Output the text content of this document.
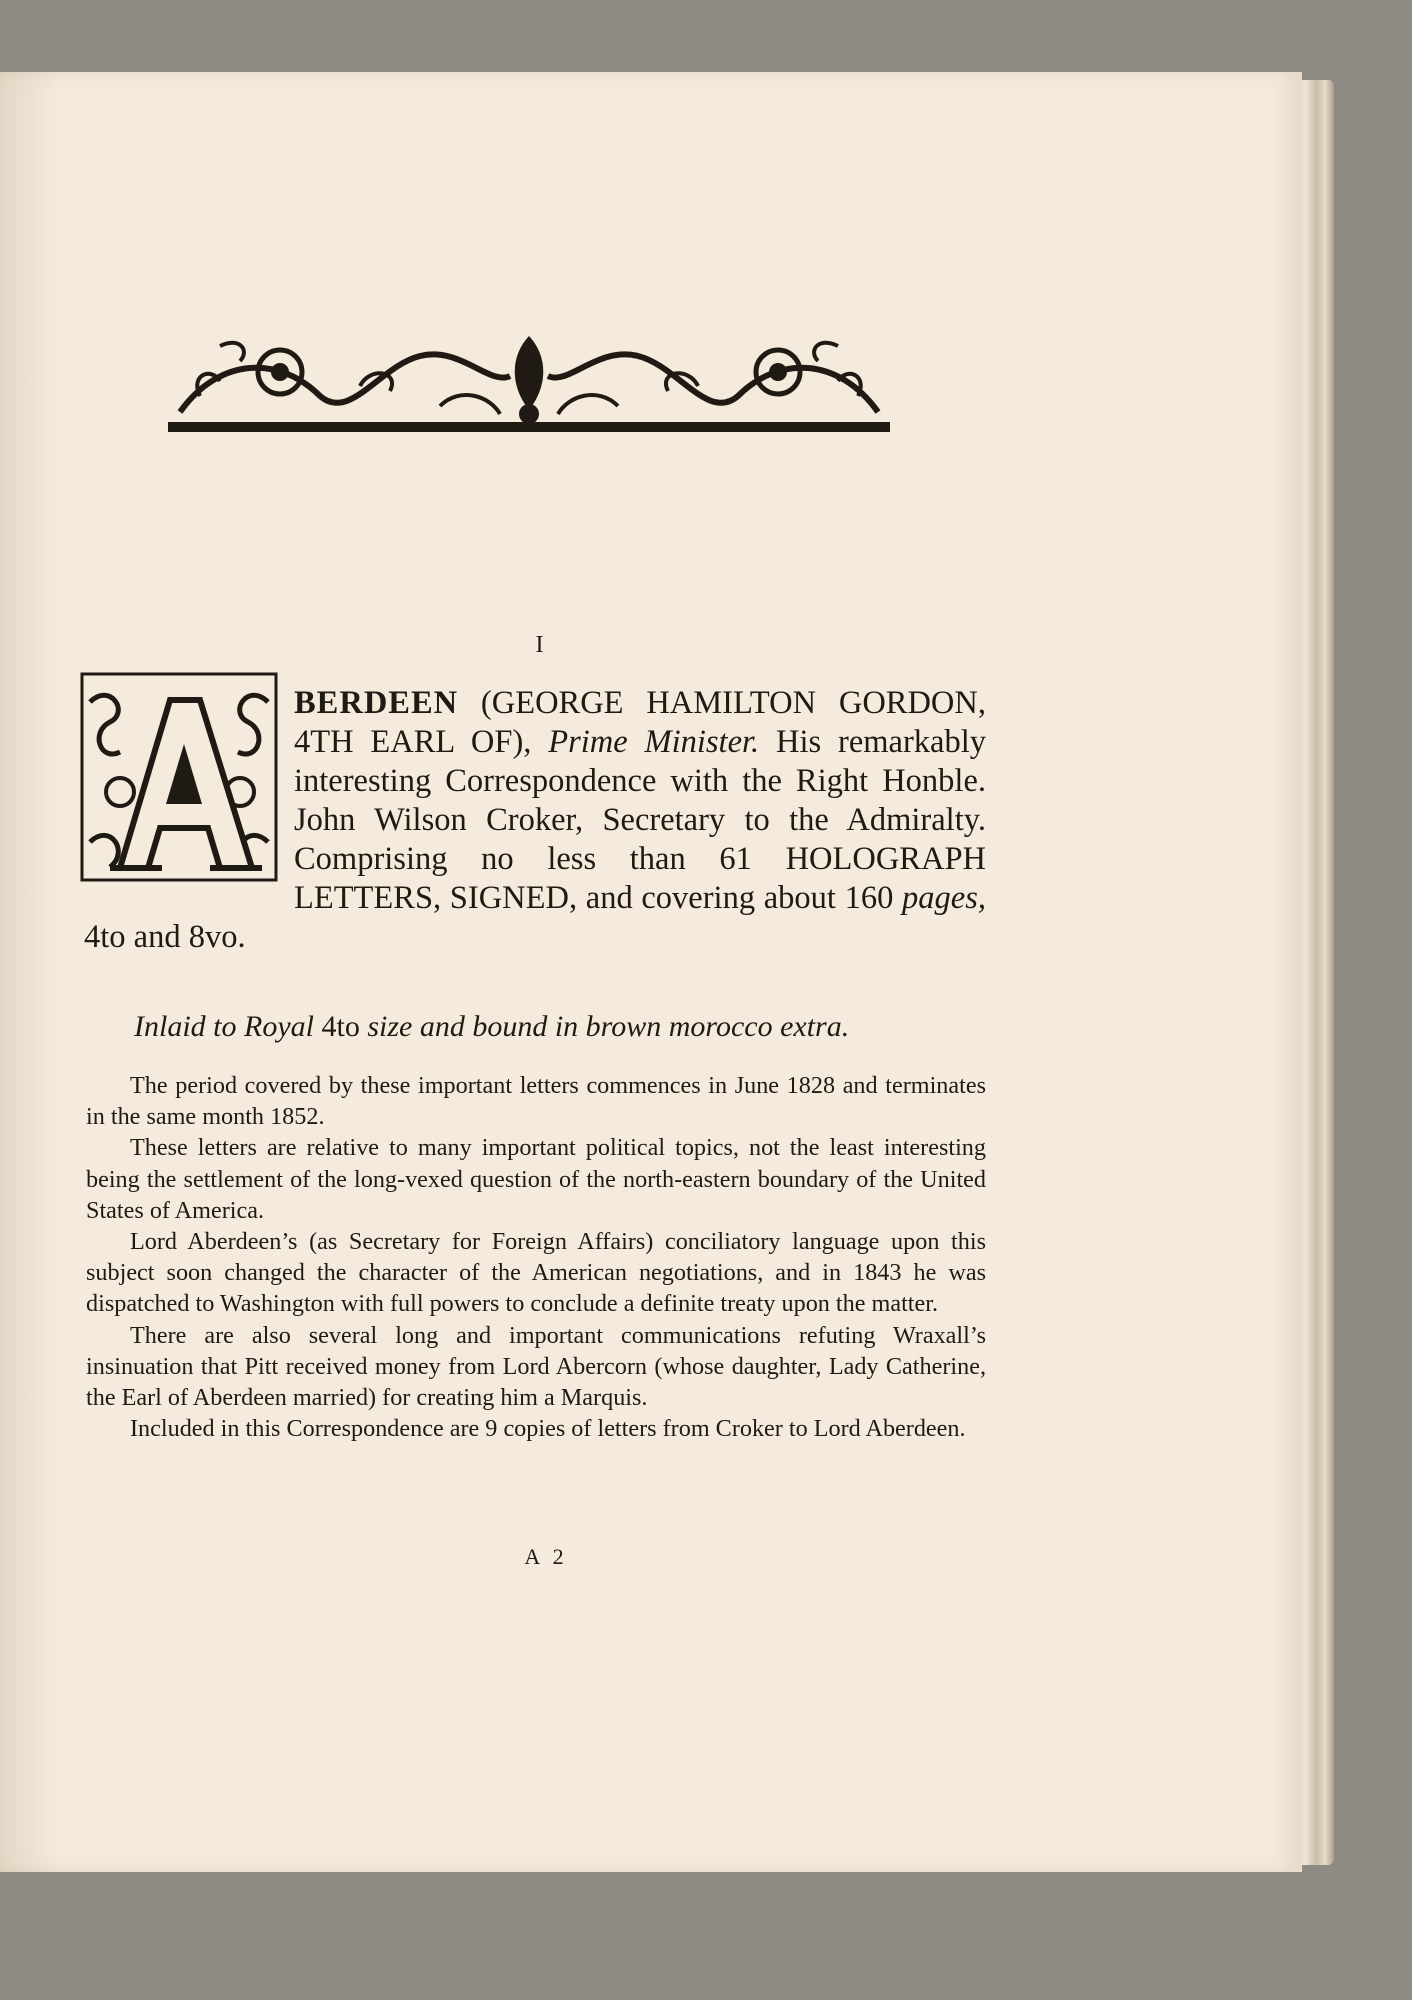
I
BERDEEN (GEORGE HAMILTON GORDON, 4TH EARL OF), Prime Minister. His remarkably interesting Correspondence with the Right Honble. John Wilson Croker, Secretary to the Admiralty. Comprising no less than 61 HOLOGRAPH LETTERS, SIGNED, and covering about 160 pages, 4to and 8vo.
Inlaid to Royal 4to size and bound in brown morocco extra.

The period covered by these important letters commences in June 1828 and terminates in the same month 1852.

These letters are relative to many important political topics, not the least interesting being the settlement of the long-vexed question of the north-eastern boundary of the United States of America.

Lord Aberdeen’s (as Secretary for Foreign Affairs) conciliatory language upon this subject soon changed the character of the American negotiations, and in 1843 he was dispatched to Washington with full powers to conclude a definite treaty upon the matter.

There are also several long and important communications refuting Wraxall’s insinuation that Pitt received money from Lord Abercorn (whose daughter, Lady Catherine, the Earl of Aberdeen married) for creating him a Marquis.

Included in this Correspondence are 9 copies of letters from Croker to Lord Aberdeen.

A 2
